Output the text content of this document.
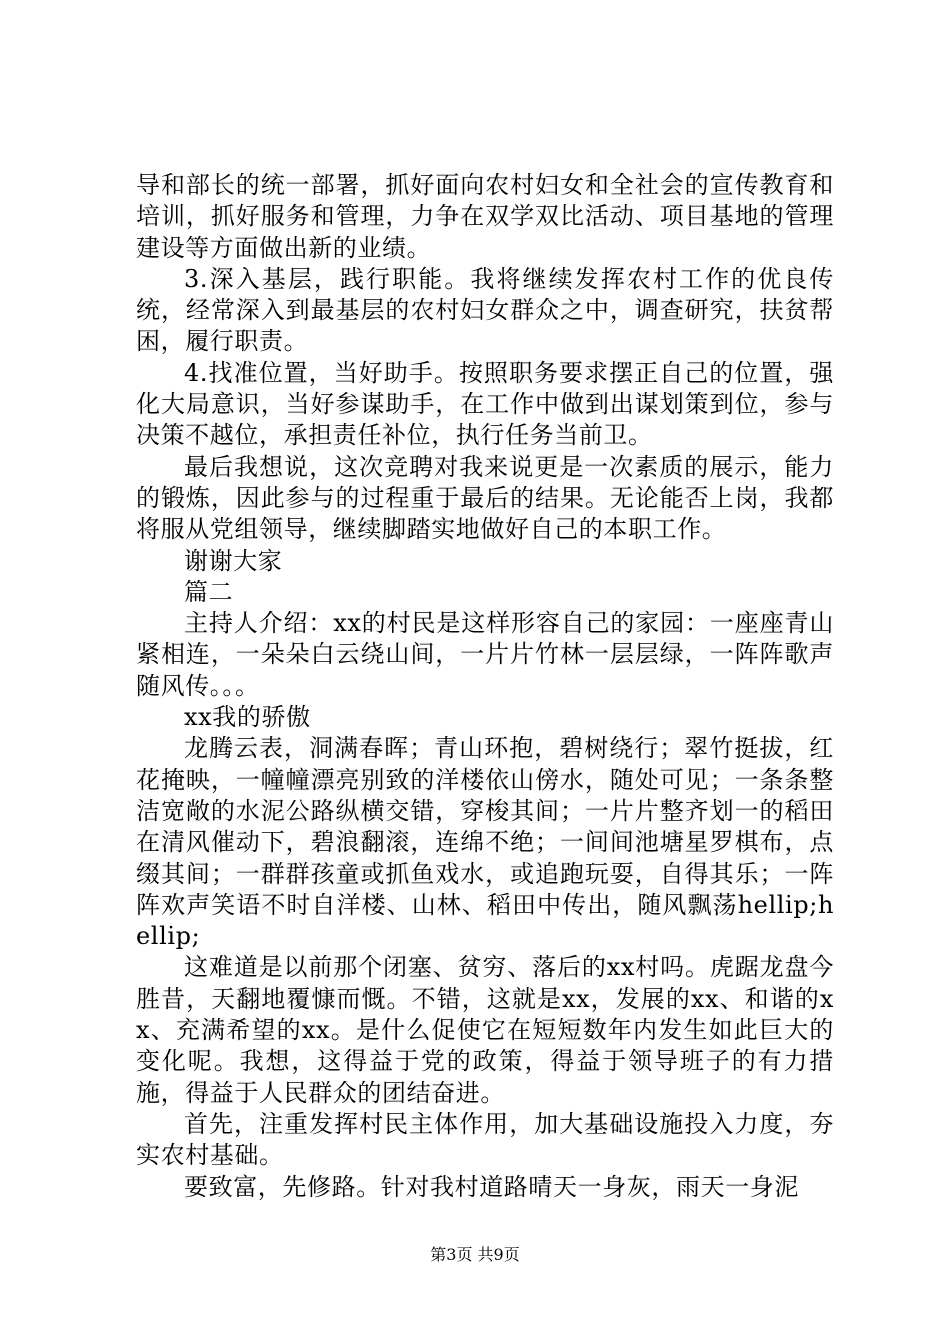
导和部长的统一部署，抓好面向农村妇女和全社会的宣传教育和培训，抓好服务和管理，力争在双学双比活动、项目基地的管理建设等方面做出新的业绩。

3.深入基层，践行职能。我将继续发挥农村工作的优良传统，经常深入到最基层的农村妇女群众之中，调查研究，扶贫帮困，履行职责。

4.找准位置，当好助手。按照职务要求摆正自己的位置，强化大局意识，当好参谋助手，在工作中做到出谋划策到位，参与决策不越位，承担责任补位，执行任务当前卫。

最后我想说，这次竞聘对我来说更是一次素质的展示，能力的锻炼，因此参与的过程重于最后的结果。无论能否上岗，我都将服从党组领导，继续脚踏实地做好自己的本职工作。

谢谢大家

篇二

主持人介绍：xx的村民是这样形容自己的家园：一座座青山紧相连，一朵朵白云绕山间，一片片竹林一层层绿，一阵阵歌声随风传。。。

xx我的骄傲

龙腾云表，洞满春晖；青山环抱，碧树绕行；翠竹挺拔，红花掩映，一幢幢漂亮别致的洋楼依山傍水，随处可见；一条条整洁宽敞的水泥公路纵横交错，穿梭其间；一片片整齐划一的稻田在清风催动下，碧浪翻滚，连绵不绝；一间间池塘星罗棋布，点缀其间；一群群孩童或抓鱼戏水，或追跑玩耍，自得其乐；一阵阵欢声笑语不时自洋楼、山林、稻田中传出，随风飘荡hellip;hellip;

这难道是以前那个闭塞、贫穷、落后的xx村吗。虎踞龙盘今胜昔，天翻地覆慷而慨。不错，这就是xx，发展的xx、和谐的xx、充满希望的xx。是什么促使它在短短数年内发生如此巨大的变化呢。我想，这得益于党的政策，得益于领导班子的有力措施，得益于人民群众的团结奋进。

首先，注重发挥村民主体作用，加大基础设施投入力度，夯实农村基础。

要致富，先修路。针对我村道路晴天一身灰，雨天一身泥

第3页 共9页
